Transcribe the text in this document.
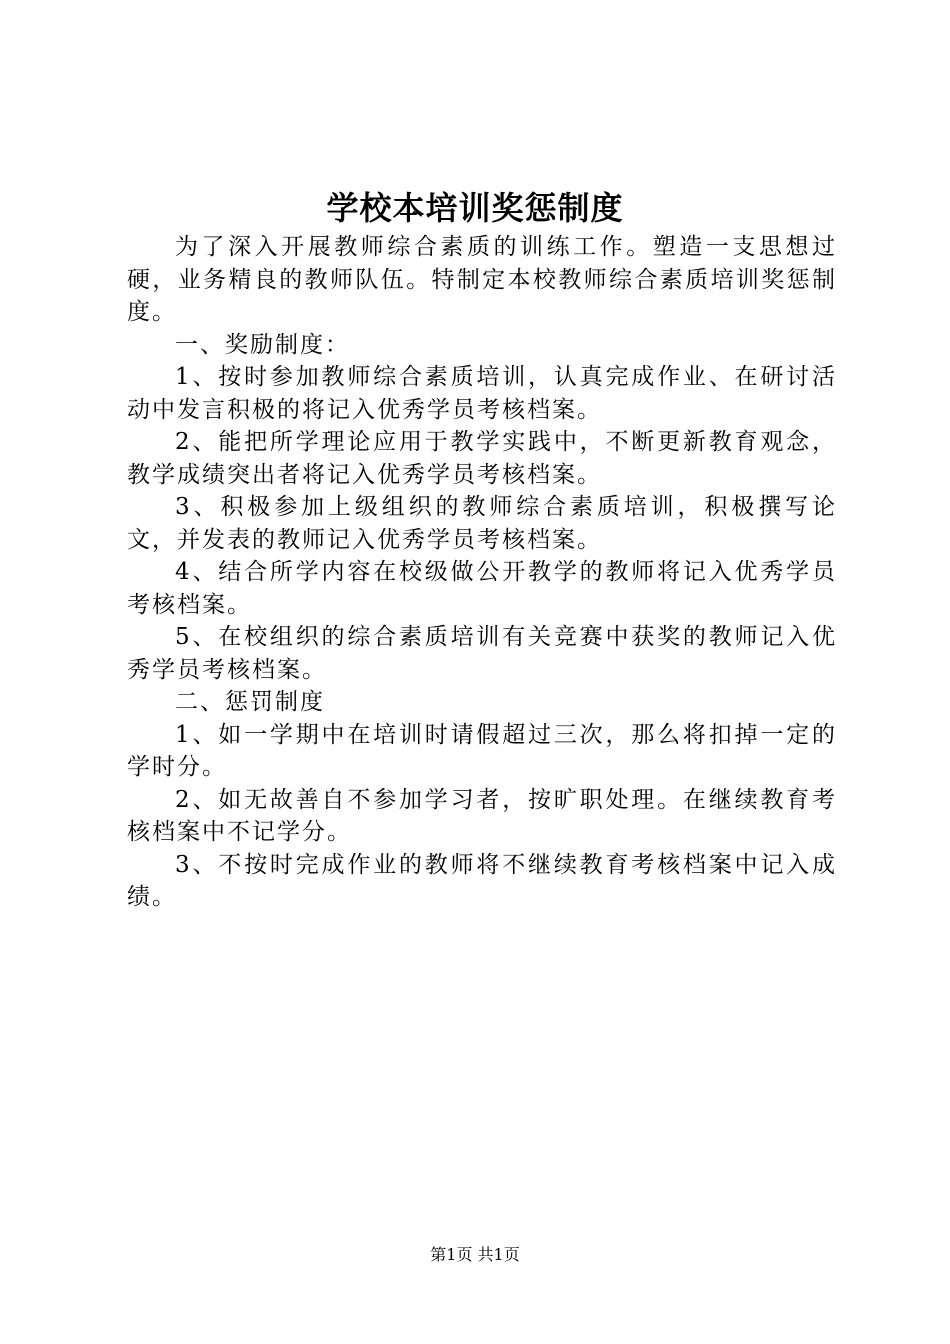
学校本培训奖惩制度

为了深入开展教师综合素质的训练工作。塑造一支思想过硬，业务精良的教师队伍。特制定本校教师综合素质培训奖惩制度。

一、奖励制度：

1、按时参加教师综合素质培训，认真完成作业、在研讨活动中发言积极的将记入优秀学员考核档案。

2、能把所学理论应用于教学实践中，不断更新教育观念，教学成绩突出者将记入优秀学员考核档案。

3、积极参加上级组织的教师综合素质培训，积极撰写论文，并发表的教师记入优秀学员考核档案。

4、结合所学内容在校级做公开教学的教师将记入优秀学员考核档案。

5、在校组织的综合素质培训有关竞赛中获奖的教师记入优秀学员考核档案。

二、惩罚制度

1、如一学期中在培训时请假超过三次，那么将扣掉一定的学时分。

2、如无故善自不参加学习者，按旷职处理。在继续教育考核档案中不记学分。

3、不按时完成作业的教师将不继续教育考核档案中记入成绩。

第1页 共1页
